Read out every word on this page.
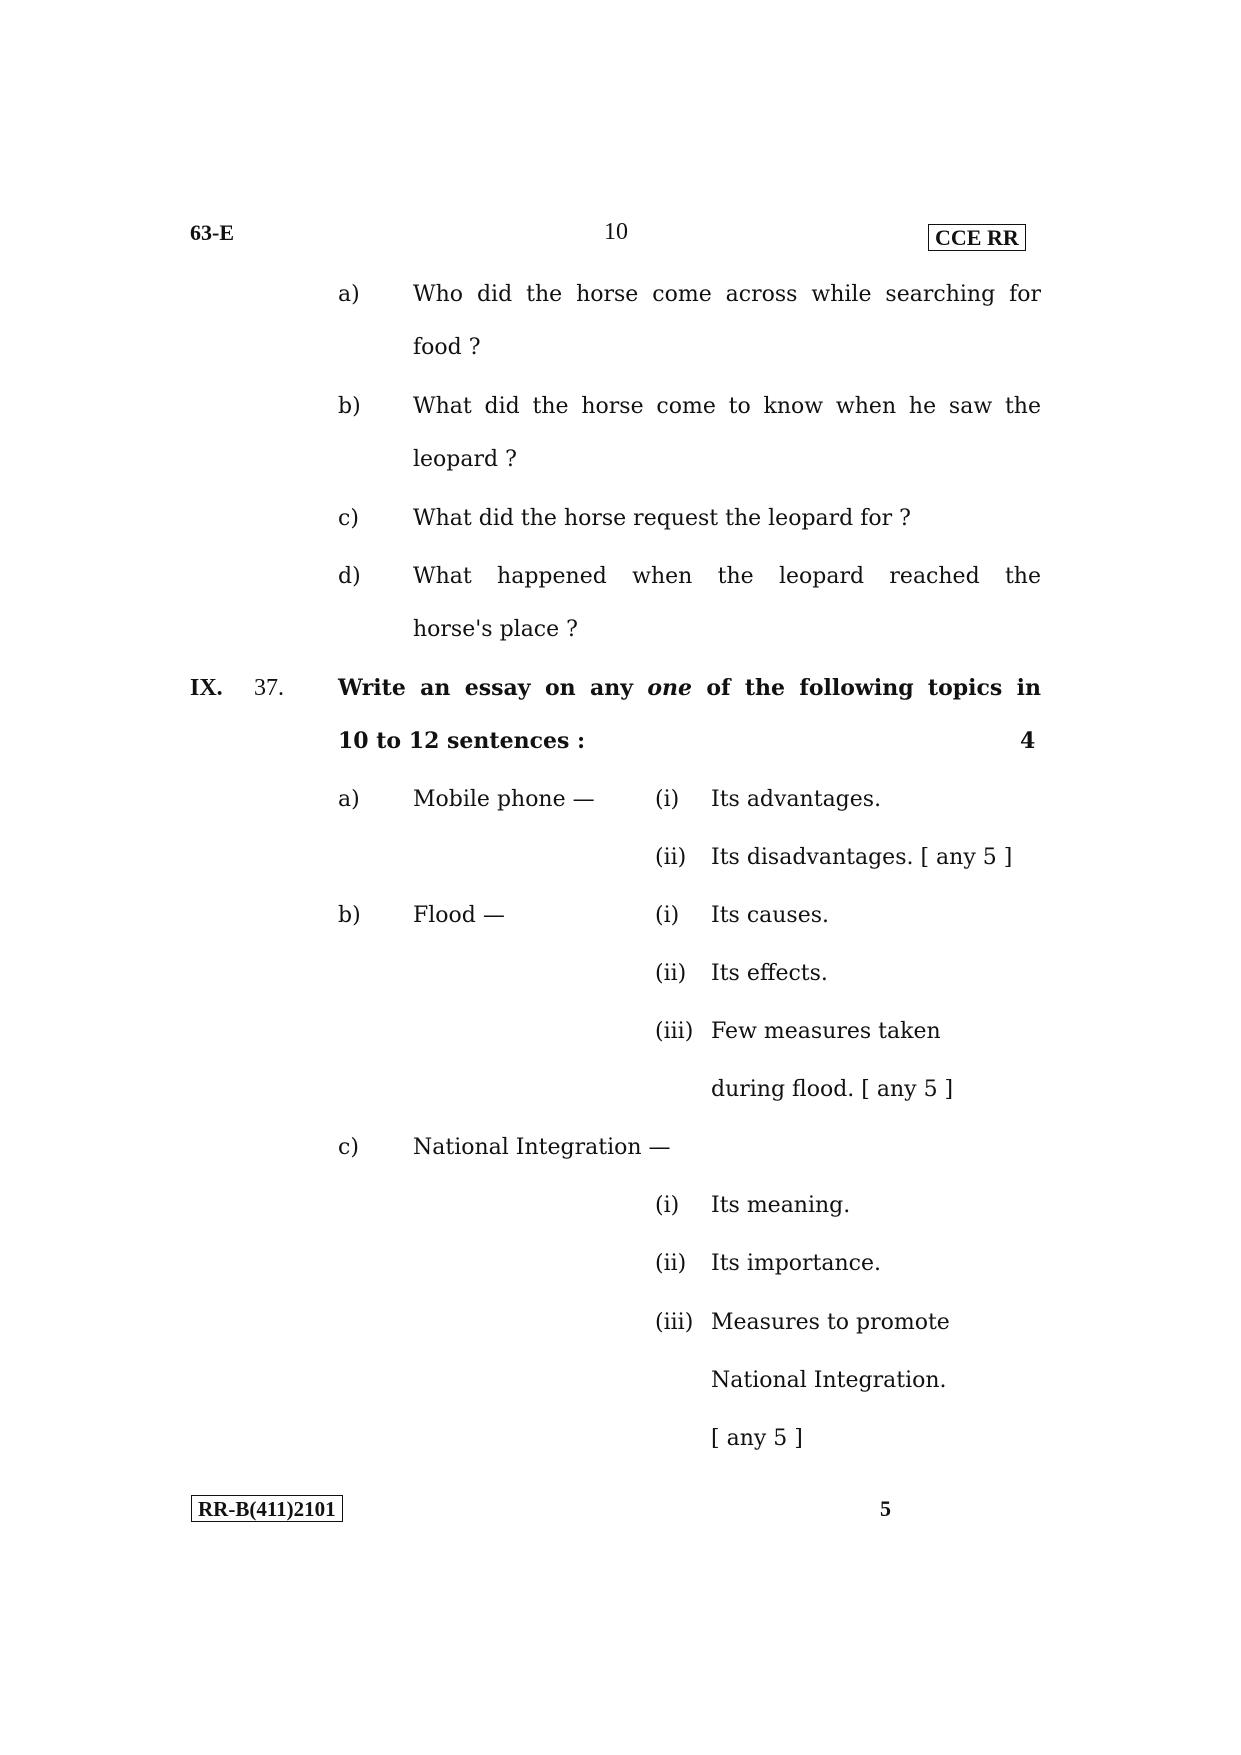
63-E	10	CCE RR
a) Who did the horse come across while searching for
food ?
b) What did the horse come to know when he saw the
leopard ?
c) What did the horse request the leopard for ?
d) What happened when the leopard reached the
horse's place ?
IX. 37. Write an essay on any one of the following topics in
10 to 12 sentences :	4
a) Mobile phone —	(i) Its advantages.
(ii) Its disadvantages. [ any 5 ]
b) Flood —	(i) Its causes.
(ii) Its effects.
(iii) Few measures taken
during flood. [ any 5 ]
c) National Integration —
(i) Its meaning.
(ii) Its importance.
(iii) Measures to promote
National Integration.
[ any 5 ]
RR-B(411)2101	5
